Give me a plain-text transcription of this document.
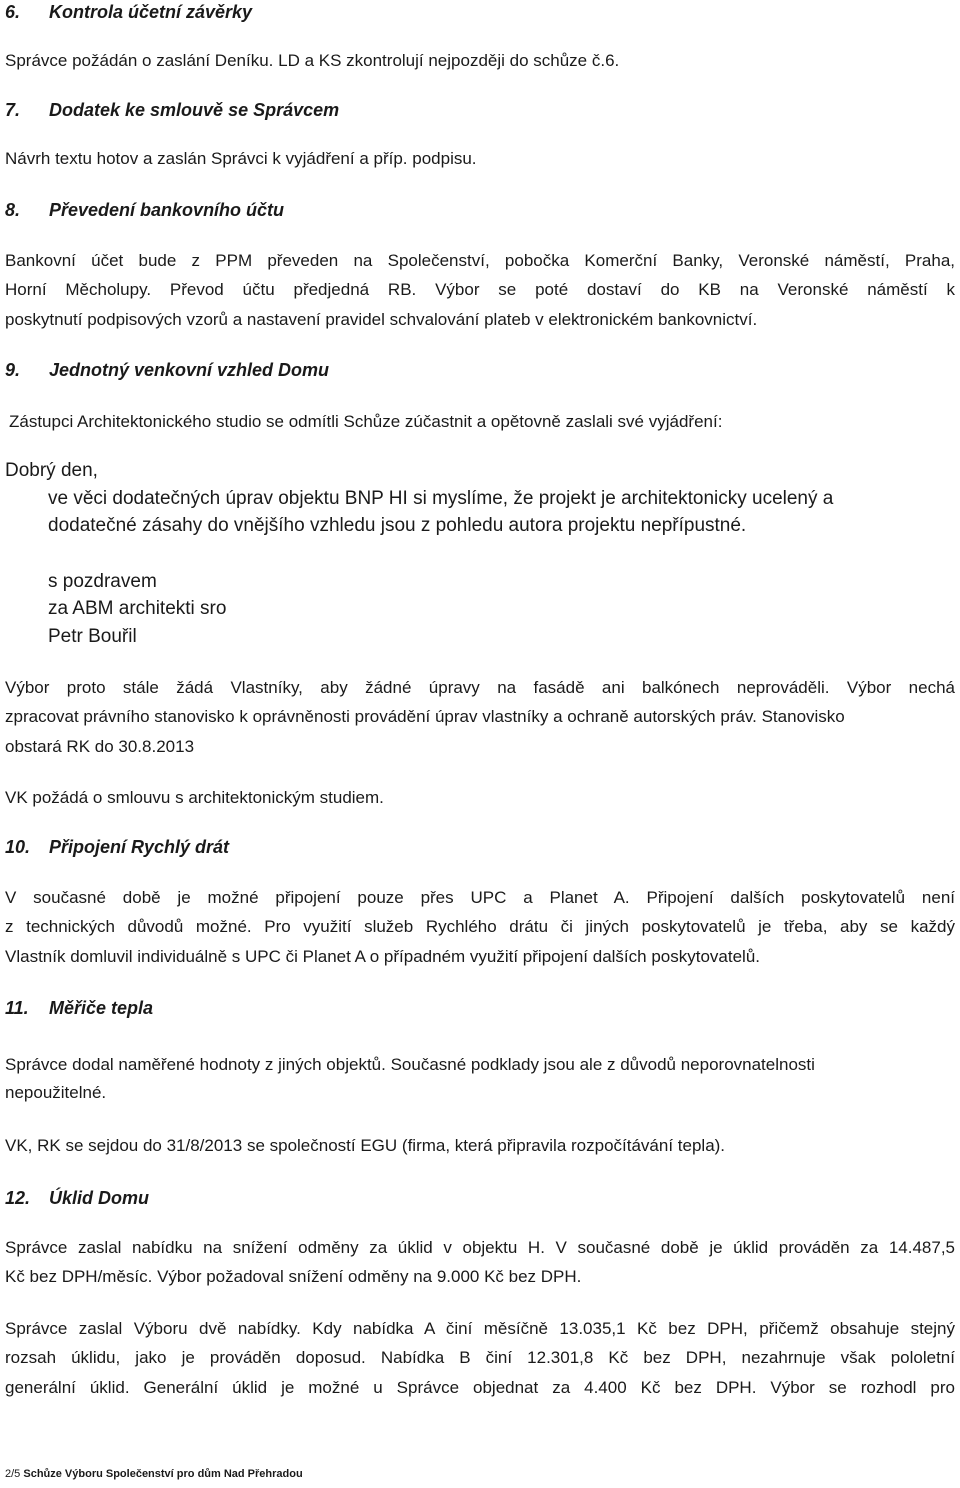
6. Kontrola účetní závěrky

Správce požádán o zaslání Deníku. LD a KS zkontrolují nejpozději do schůze č.6.

7. Dodatek ke smlouvě se Správcem

Návrh textu hotov a zaslán Správci k vyjádření a příp. podpisu.

8. Převedení bankovního účtu

Bankovní účet bude z PPM převeden na Společenství, pobočka Komerční Banky, Veronské náměstí, Praha,

Horní Měcholupy. Převod účtu předjedná RB. Výbor se poté dostaví do KB na Veronské náměstí k

poskytnutí podpisových vzorů a nastavení pravidel schvalování plateb v elektronickém bankovnictví.

9. Jednotný venkovní vzhled Domu

Zástupci Architektonického studio se odmítli Schůze zúčastnit a opětovně zaslali své vyjádření:

Dobrý den,

ve věci dodatečných úprav objektu BNP HI si myslíme, že projekt je architektonicky ucelený a

dodatečné zásahy do vnějšího vzhledu jsou z pohledu autora projektu nepřípustné.

s pozdravem

za ABM architekti sro

Petr Bouřil

Výbor proto stále žádá Vlastníky, aby žádné úpravy na fasádě ani balkónech neprováděli. Výbor nechá

zpracovat právního stanovisko k oprávněnosti provádění úprav vlastníky a ochraně autorských práv. Stanovisko

obstará RK do 30.8.2013

VK požádá o smlouvu s architektonickým studiem.

10. Připojení Rychlý drát

V současné době je možné připojení pouze přes UPC a Planet A. Připojení dalších poskytovatelů není

z technických důvodů možné. Pro využití služeb Rychlého drátu či jiných poskytovatelů je třeba, aby se každý

Vlastník domluvil individuálně s UPC či Planet A o případném využití připojení dalších poskytovatelů.

11. Měřiče tepla

Správce dodal naměřené hodnoty z jiných objektů. Současné podklady jsou ale z důvodů neporovnatelnosti

nepoužitelné.

VK, RK se sejdou do 31/8/2013 se společností EGU (firma, která připravila rozpočítávání tepla).

12. Úklid Domu

Správce zaslal nabídku na snížení odměny za úklid v objektu H. V současné době je úklid prováděn za 14.487,5

Kč bez DPH/měsíc. Výbor požadoval snížení odměny na 9.000 Kč bez DPH.

Správce zaslal Výboru dvě nabídky. Kdy nabídka A činí měsíčně 13.035,1 Kč bez DPH, přičemž obsahuje stejný

rozsah úklidu, jako je prováděn doposud. Nabídka B činí 12.301,8 Kč bez DPH, nezahrnuje však pololetní

generální úklid. Generální úklid je možné u Správce objednat za 4.400 Kč bez DPH. Výbor se rozhodl pro

2/5 Schůze Výboru Společenství pro dům Nad Přehradou
